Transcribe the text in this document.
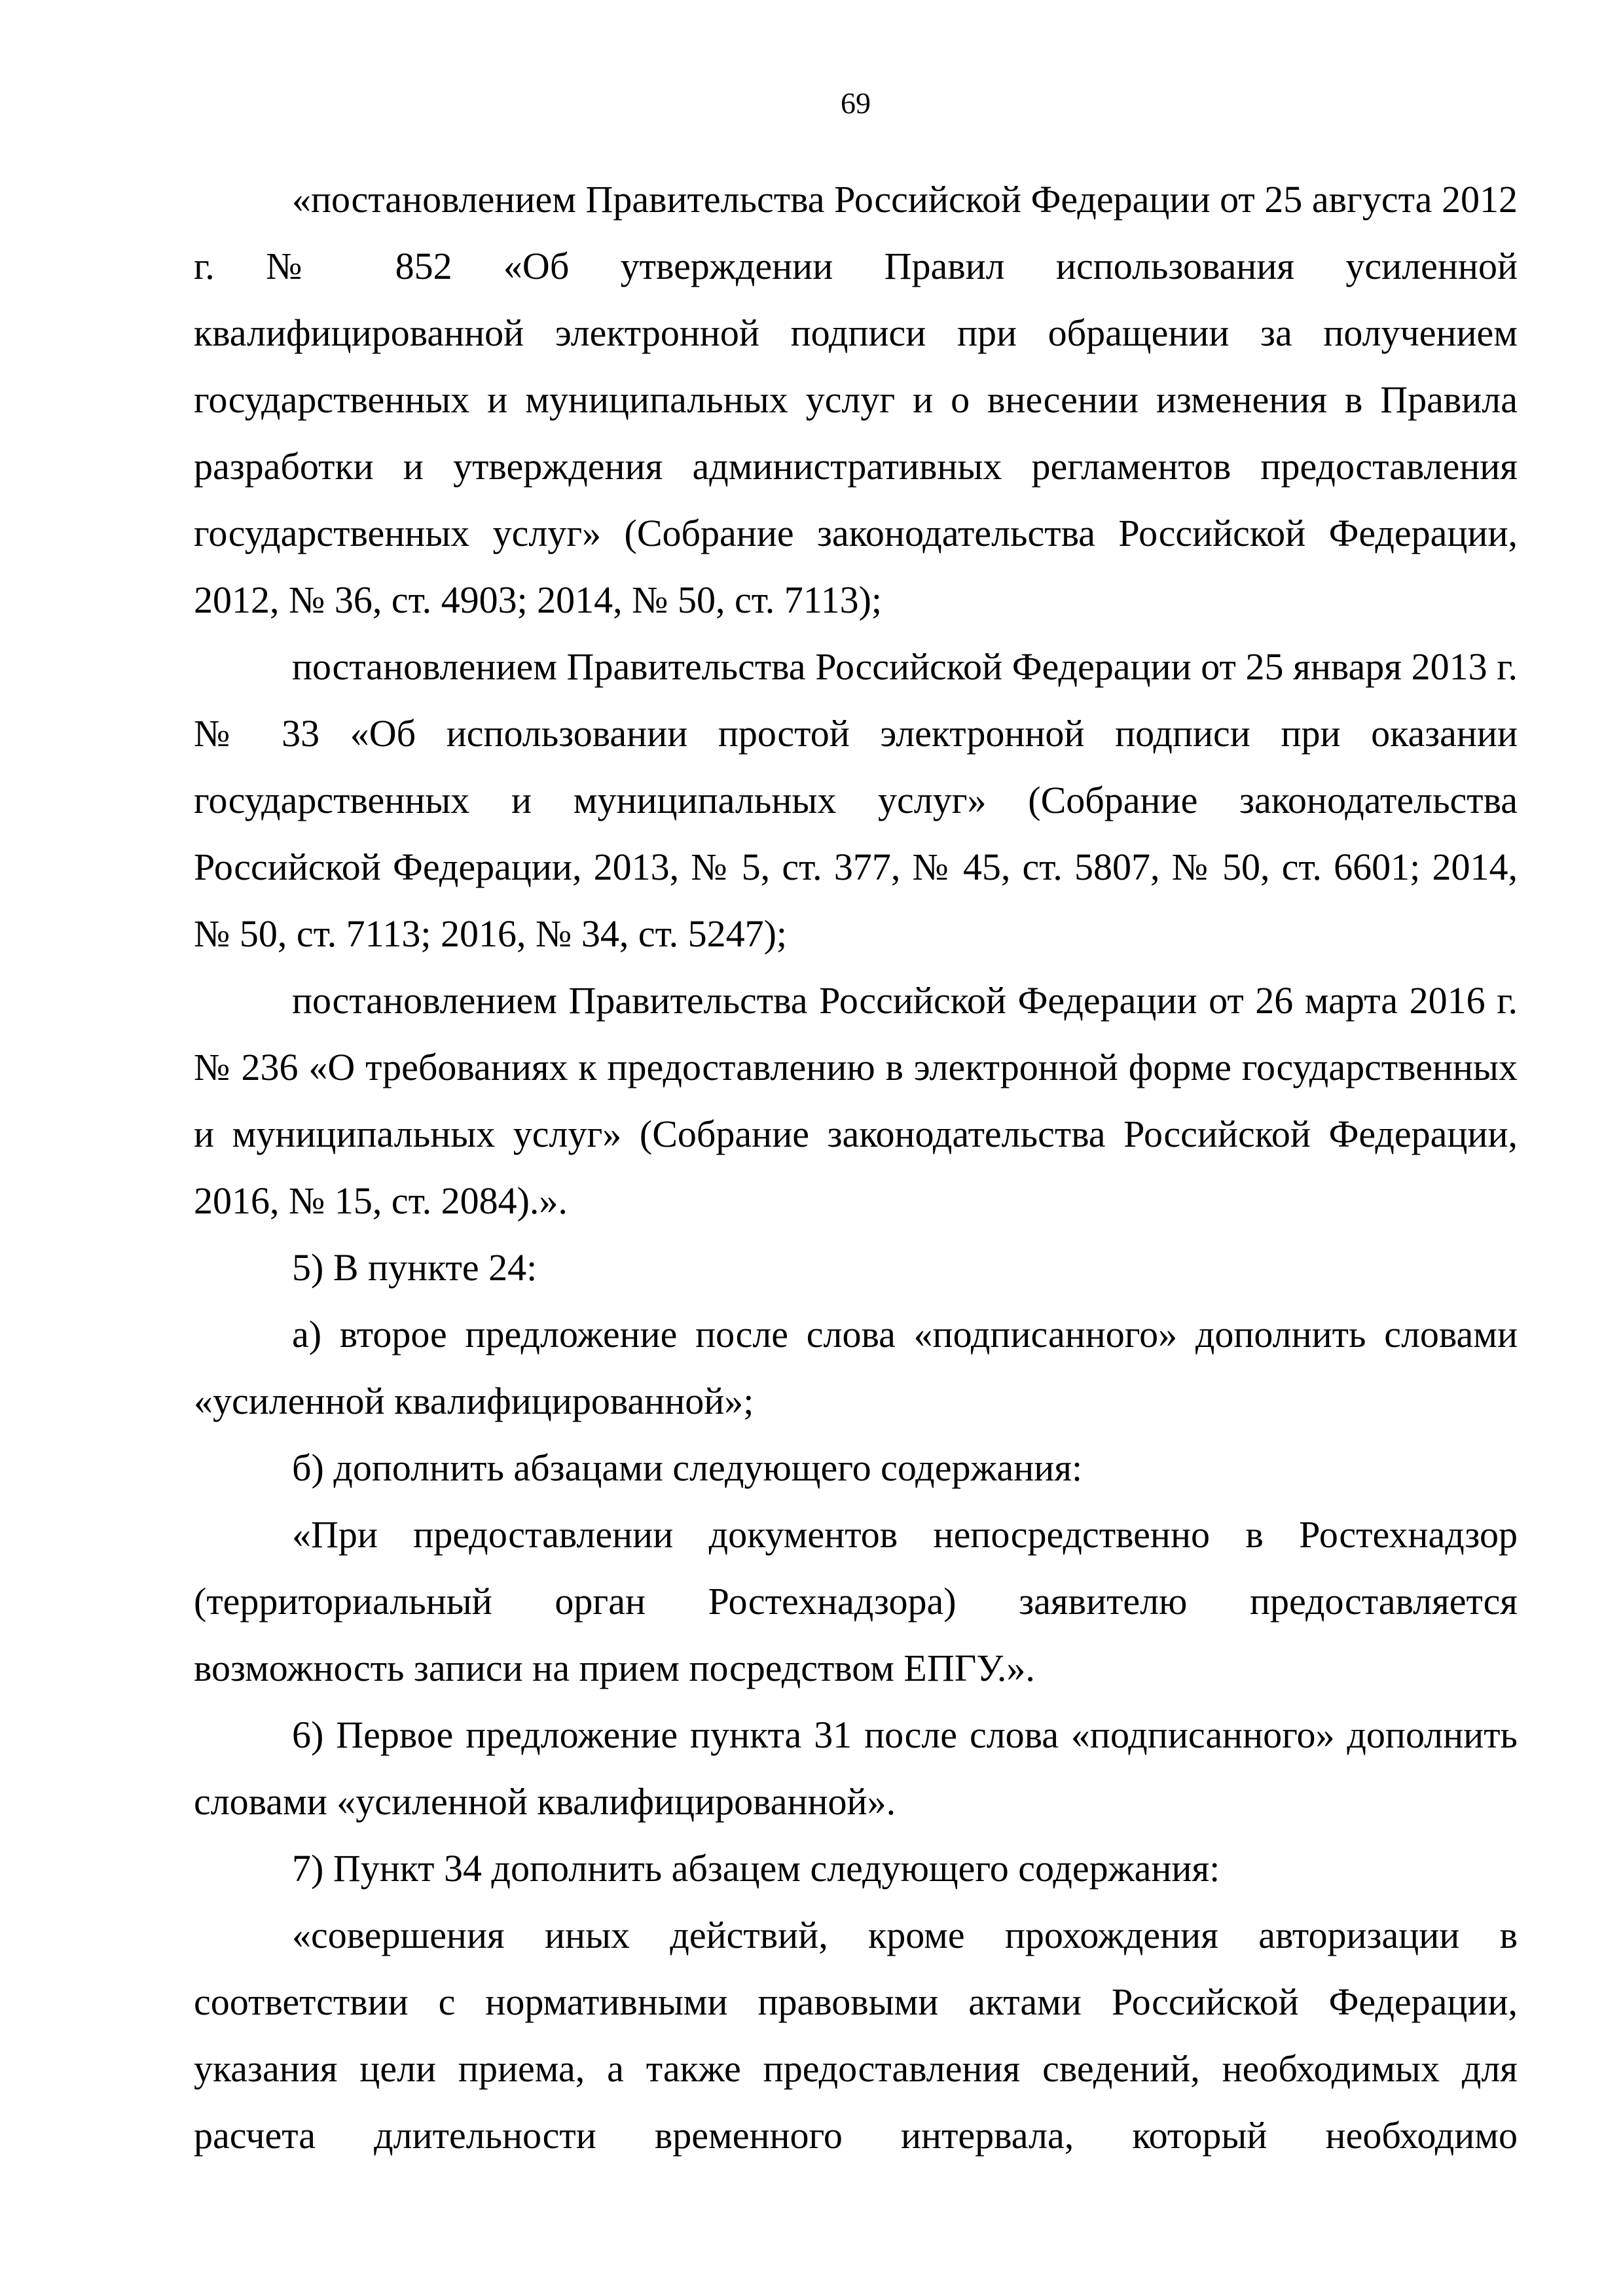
69

«постановлением Правительства Российской Федерации от 25 августа 2012 г. № 852 «Об утверждении Правил использования усиленной квалифицированной электронной подписи при обращении за получением государственных и муниципальных услуг и о внесении изменения в Правила разработки и утверждения административных регламентов предоставления государственных услуг» (Собрание законодательства Российской Федерации, 2012, № 36, ст. 4903; 2014, № 50, ст. 7113);

постановлением Правительства Российской Федерации от 25 января 2013 г. № 33 «Об использовании простой электронной подписи при оказании государственных и муниципальных услуг» (Собрание законодательства Российской Федерации, 2013, № 5, ст. 377, № 45, ст. 5807, № 50, ст. 6601; 2014, № 50, ст. 7113; 2016, № 34, ст. 5247);

постановлением Правительства Российской Федерации от 26 марта 2016 г. № 236 «О требованиях к предоставлению в электронной форме государственных и муниципальных услуг» (Собрание законодательства Российской Федерации, 2016, № 15, ст. 2084).».

5) В пункте 24:

а) второе предложение после слова «подписанного» дополнить словами «усиленной квалифицированной»;

б) дополнить абзацами следующего содержания:

«При предоставлении документов непосредственно в Ростехнадзор (территориальный орган Ростехнадзора) заявителю предоставляется возможность записи на прием посредством ЕПГУ.».

6) Первое предложение пункта 31 после слова «подписанного» дополнить словами «усиленной квалифицированной».

7) Пункт 34 дополнить абзацем следующего содержания:

«совершения иных действий, кроме прохождения авторизации в соответствии с нормативными правовыми актами Российской Федерации, указания цели приема, а также предоставления сведений, необходимых для расчета длительности временного интервала, который необходимо
